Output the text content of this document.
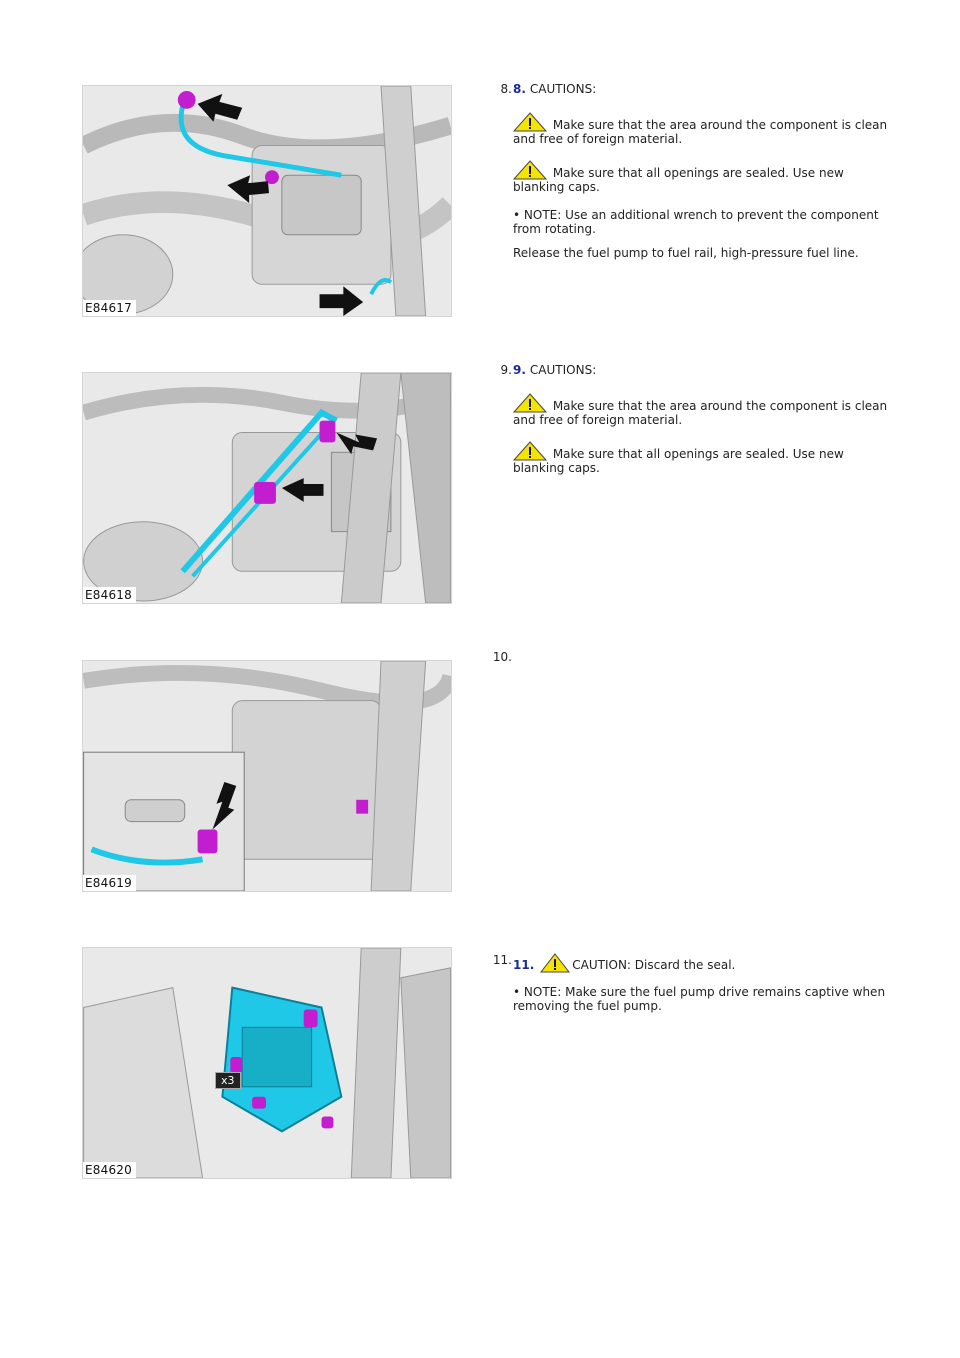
E84617
8. 8. CAUTIONS:

Make sure that the area around the component is clean and free of foreign material.

Make sure that all openings are sealed. Use new blanking caps.

• NOTE: Use an additional wrench to prevent the component from rotating.

Release the fuel pump to fuel rail, high-pressure fuel line.

E84618
9. 9. CAUTIONS:

Make sure that the area around the component is clean and free of foreign material.

Make sure that all openings are sealed. Use new blanking caps.

E84619
10.
x3
E84620
11. 11.	CAUTION: Discard the seal.

• NOTE: Make sure the fuel pump drive remains captive when removing the fuel pump.
